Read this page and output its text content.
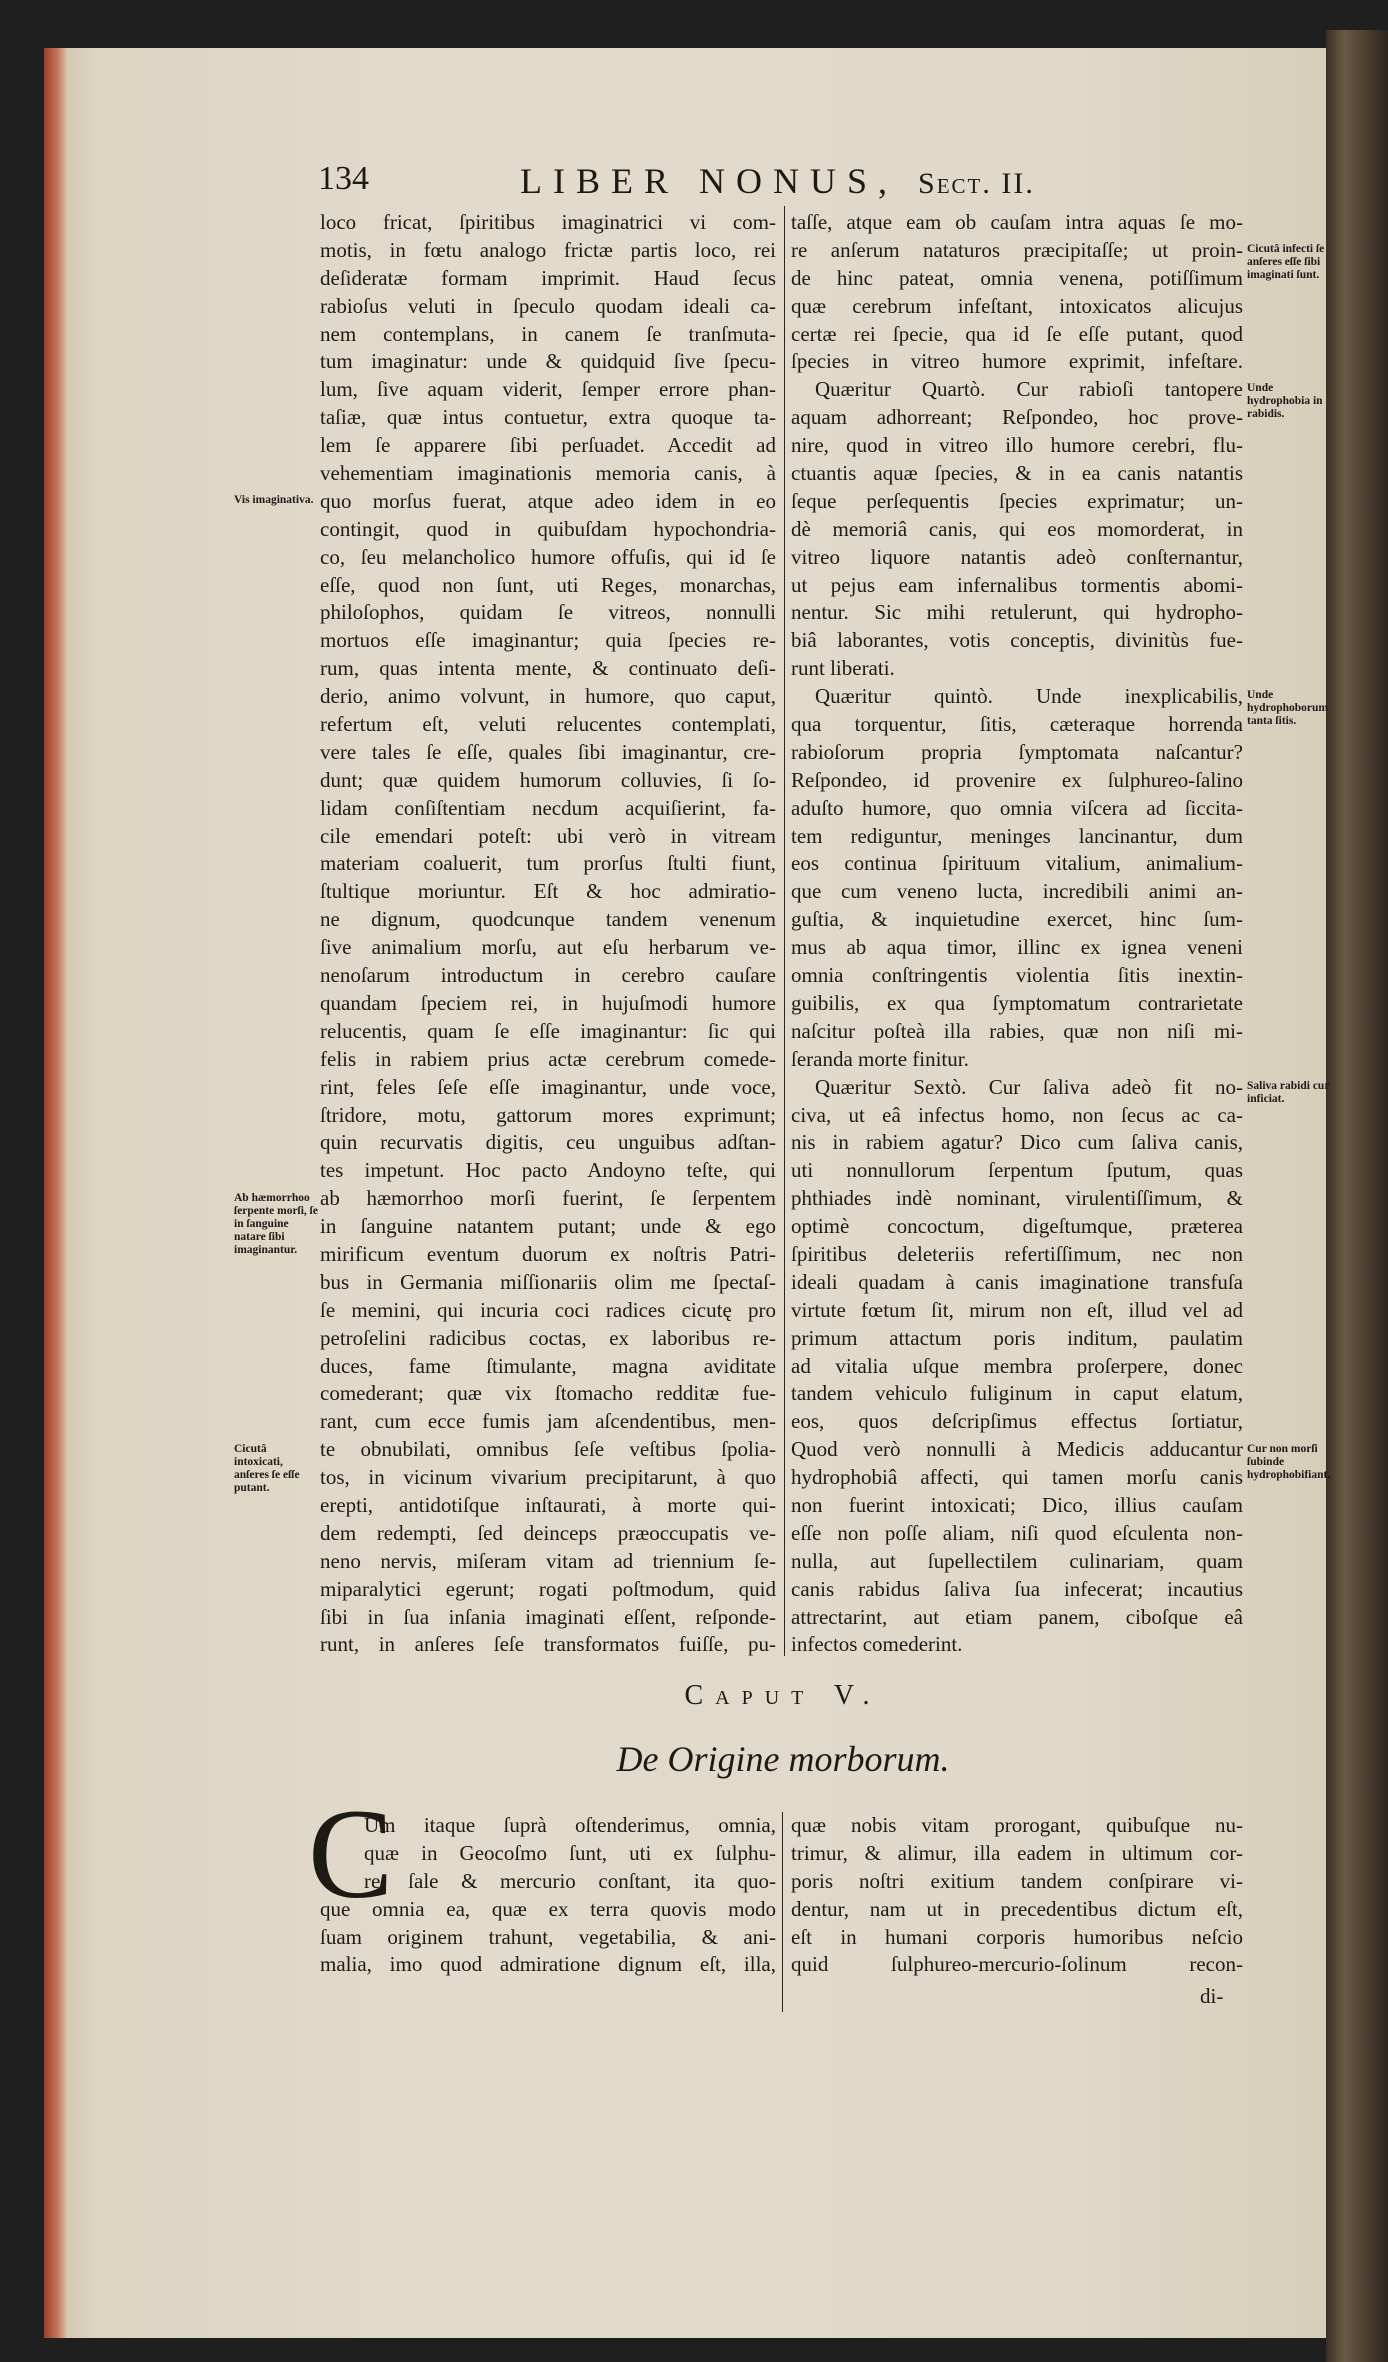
134	LIBER NONUS, Sect. II.
loco fricat, ſpiritibus imaginatrici vi com-
motis, in fœtu analogo frictæ partis loco, rei
deſideratæ formam imprimit. Haud ſecus
rabioſus veluti in ſpeculo quodam ideali ca-
nem contemplans, in canem ſe tranſmuta-
tum imaginatur: unde & quidquid ſive ſpecu-
lum, ſive aquam viderit, ſemper errore phan-
taſiæ, quæ intus contuetur, extra quoque ta-
lem ſe apparere ſibi perſuadet. Accedit ad
vehementiam imaginationis memoria canis, à
quo morſus fuerat, atque adeo idem in eo
contingit, quod in quibuſdam hypochondria-
co, ſeu melancholico humore offuſis, qui id ſe
eſſe, quod non ſunt, uti Reges, monarchas,
philoſophos, quidam ſe vitreos, nonnulli
mortuos eſſe imaginantur; quia ſpecies re-
rum, quas intenta mente, & continuato deſi-
derio, animo volvunt, in humore, quo caput,
refertum eſt, veluti relucentes contemplati,
vere tales ſe eſſe, quales ſibi imaginantur, cre-
dunt; quæ quidem humorum colluvies, ſi ſo-
lidam conſiſtentiam necdum acquiſierint, fa-
cile emendari poteſt: ubi verò in vitream
materiam coaluerit, tum prorſus ſtulti fiunt,
ſtultique moriuntur. Eſt & hoc admiratio-
ne dignum, quodcunque tandem venenum
ſive animalium morſu, aut eſu herbarum ve-
nenoſarum introductum in cerebro cauſare
quandam ſpeciem rei, in hujuſmodi humore
relucentis, quam ſe eſſe imaginantur: ſic qui
felis in rabiem prius actæ cerebrum comede-
rint, feles ſeſe eſſe imaginantur, unde voce,
ſtridore, motu, gattorum mores exprimunt;
quin recurvatis digitis, ceu unguibus adſtan-
tes impetunt. Hoc pacto Andoyno teſte, qui
ab hæmorrhoo morſi fuerint, ſe ſerpentem
in ſanguine natantem putant; unde & ego
mirificum eventum duorum ex noſtris Patri-
bus in Germania miſſionariis olim me ſpectaſ-
ſe memini, qui incuria coci radices cicutę pro
petroſelini radicibus coctas, ex laboribus re-
duces, fame ſtimulante, magna aviditate
comederant; quæ vix ſtomacho redditæ fue-
rant, cum ecce fumis jam aſcendentibus, men-
te obnubilati, omnibus ſeſe veſtibus ſpolia-
tos, in vicinum vivarium precipitarunt, à quo
erepti, antidotiſque inſtaurati, à morte qui-
dem redempti, ſed deinceps præoccupatis ve-
neno nervis, miſeram vitam ad triennium ſe-
miparalytici egerunt; rogati poſtmodum, quid
ſibi in ſua inſania imaginati eſſent, reſponde-
runt, in anſeres ſeſe transformatos fuiſſe, pu-
taſſe, atque eam ob cauſam intra aquas ſe mo-
re anſerum nataturos præcipitaſſe; ut proin-
de hinc pateat, omnia venena, potiſſimum
quæ cerebrum infeſtant, intoxicatos alicujus
certæ rei ſpecie, qua id ſe eſſe putant, quod
ſpecies in vitreo humore exprimit, infeſtare.
Quæritur Quartò. Cur rabioſi tantopere
aquam adhorreant; Reſpondeo, hoc prove-
nire, quod in vitreo illo humore cerebri, flu-
ctuantis aquæ ſpecies, & in ea canis natantis
ſeque perſequentis ſpecies exprimatur; un-
dè memoriâ canis, qui eos momorderat, in
vitreo liquore natantis adeò conſternantur,
ut pejus eam infernalibus tormentis abomi-
nentur. Sic mihi retulerunt, qui hydropho-
biâ laborantes, votis conceptis, divinitùs fue-
runt liberati.
Quæritur quintò. Unde inexplicabilis,
qua torquentur, ſitis, cæteraque horrenda
rabioſorum propria ſymptomata naſcantur?
Reſpondeo, id provenire ex ſulphureo-ſalino
aduſto humore, quo omnia viſcera ad ſiccita-
tem rediguntur, meninges lancinantur, dum
eos continua ſpirituum vitalium, animalium-
que cum veneno lucta, incredibili animi an-
guſtia, & inquietudine exercet, hinc ſum-
mus ab aqua timor, illinc ex ignea veneni
omnia conſtringentis violentia ſitis inextin-
guibilis, ex qua ſymptomatum contrarietate
naſcitur poſteà illa rabies, quæ non niſi mi-
ſeranda morte finitur.
Quæritur Sextò. Cur ſaliva adeò fit no-
civa, ut eâ infectus homo, non ſecus ac ca-
nis in rabiem agatur? Dico cum ſaliva canis,
uti nonnullorum ſerpentum ſputum, quas
phthiades indè nominant, virulentiſſimum, &
optimè concoctum, digeſtumque, præterea
ſpiritibus deleteriis refertiſſimum, nec non
ideali quadam à canis imaginatione transfuſa
virtute fœtum ſit, mirum non eſt, illud vel ad
primum attactum poris inditum, paulatim
ad vitalia uſque membra proſerpere, donec
tandem vehiculo fuliginum in caput elatum,
eos, quos deſcripſimus effectus ſortiatur,
Quod verò nonnulli à Medicis adducantur
hydrophobiâ affecti, qui tamen morſu canis
non fuerint intoxicati; Dico, illius cauſam
eſſe non poſſe aliam, niſi quod eſculenta non-
nulla, aut ſupellectilem culinariam, quam
canis rabidus ſaliva ſua infecerat; incautius
attrectarint, aut etiam panem, ciboſque eâ
infectos comederint.
Vis imaginativa.
Ab hæmorrhoo ſerpente morſi, ſe in ſanguine natare ſibi imaginantur.
Cicutâ intoxicati, anſeres ſe eſſe putant.
Cicutâ infecti ſe anſeres eſſe ſibi imaginati ſunt.
Unde hydrophobia in rabidis.
Unde hydrophoborum tanta ſitis.
Saliva rabidi cur inficiat.
Cur non morſi ſubinde hydrophobifiant.
Caput V.
De Origine morborum.
C
Um itaque ſuprà oſtenderimus, omnia,
quæ in Geocoſmo ſunt, uti ex ſulphu-
re, ſale & mercurio conſtant, ita quo-
que omnia ea, quæ ex terra quovis modo
ſuam originem trahunt, vegetabilia, & ani-
malia, imo quod admiratione dignum eſt, illa,
quæ nobis vitam prorogant, quibuſque nu-
trimur, & alimur, illa eadem in ultimum cor-
poris noſtri exitium tandem conſpirare vi-
dentur, nam ut in precedentibus dictum eſt,
eſt in humani corporis humoribus neſcio
quid ſulphureo-mercurio-ſolinum recon-
di-
